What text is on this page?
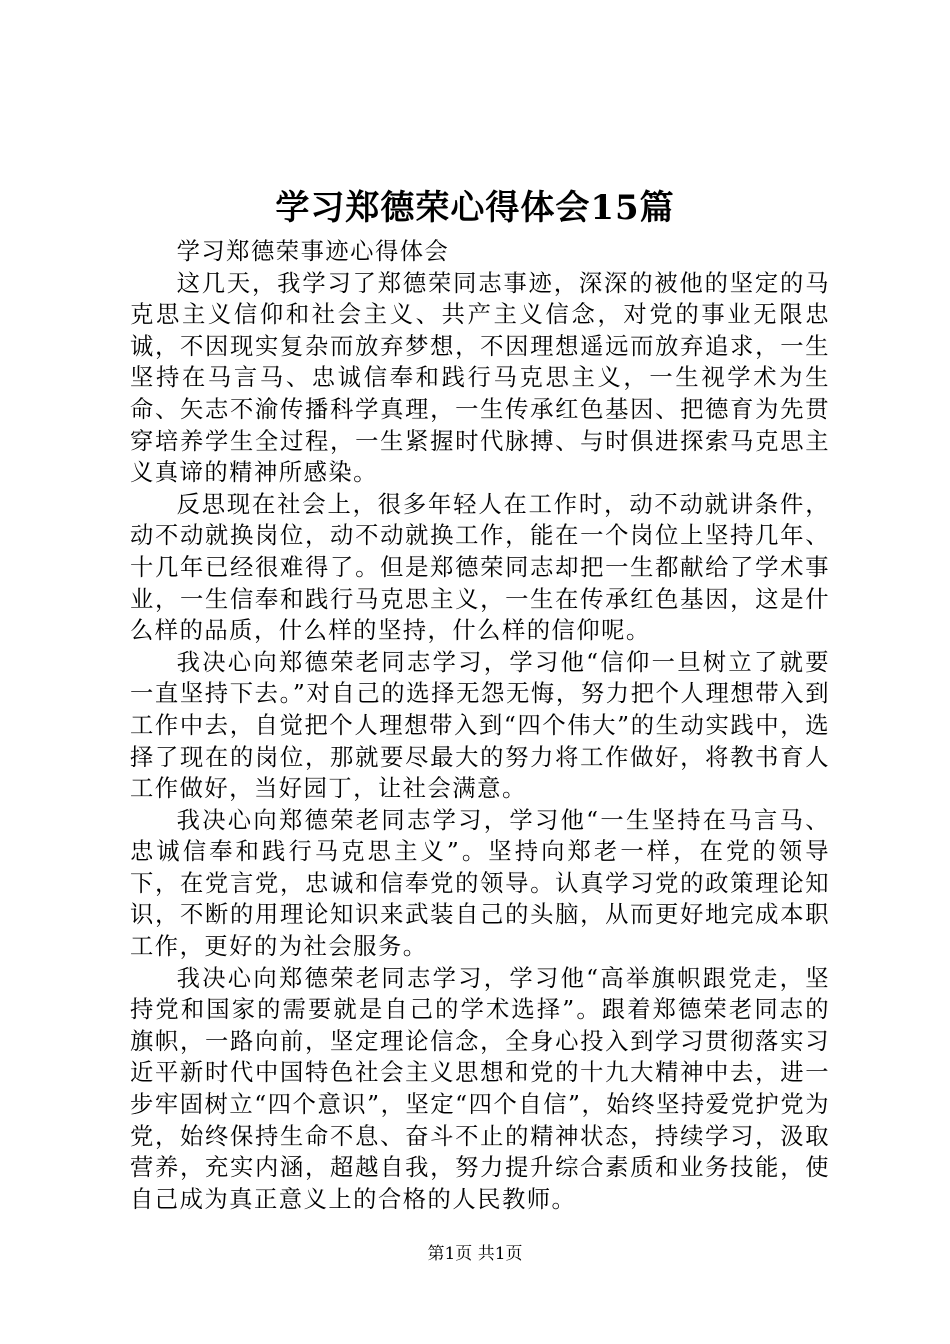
学习郑德荣心得体会15篇

学习郑德荣事迹心得体会

这几天，我学习了郑德荣同志事迹，深深的被他的坚定的马克思主义信仰和社会主义、共产主义信念，对党的事业无限忠诚，不因现实复杂而放弃梦想，不因理想遥远而放弃追求，一生坚持在马言马、忠诚信奉和践行马克思主义，一生视学术为生命、矢志不渝传播科学真理，一生传承红色基因、把德育为先贯穿培养学生全过程，一生紧握时代脉搏、与时俱进探索马克思主义真谛的精神所感染。

反思现在社会上，很多年轻人在工作时，动不动就讲条件，动不动就换岗位，动不动就换工作，能在一个岗位上坚持几年、十几年已经很难得了。但是郑德荣同志却把一生都献给了学术事业，一生信奉和践行马克思主义，一生在传承红色基因，这是什么样的品质，什么样的坚持，什么样的信仰呢。

我决心向郑德荣老同志学习，学习他“信仰一旦树立了就要一直坚持下去。”对自己的选择无怨无悔，努力把个人理想带入到工作中去，自觉把个人理想带入到“四个伟大”的生动实践中，选择了现在的岗位，那就要尽最大的努力将工作做好，将教书育人工作做好，当好园丁，让社会满意。

我决心向郑德荣老同志学习，学习他“一生坚持在马言马、忠诚信奉和践行马克思主义”。坚持向郑老一样，在党的领导下，在党言党，忠诚和信奉党的领导。认真学习党的政策理论知识，不断的用理论知识来武装自己的头脑，从而更好地完成本职工作，更好的为社会服务。

我决心向郑德荣老同志学习，学习他“高举旗帜跟党走，坚持党和国家的需要就是自己的学术选择”。跟着郑德荣老同志的旗帜，一路向前，坚定理论信念，全身心投入到学习贯彻落实习近平新时代中国特色社会主义思想和党的十九大精神中去，进一步牢固树立“四个意识”，坚定“四个自信”，始终坚持爱党护党为党，始终保持生命不息、奋斗不止的精神状态，持续学习，汲取营养，充实内涵，超越自我，努力提升综合素质和业务技能，使自己成为真正意义上的合格的人民教师。

第1页 共1页
